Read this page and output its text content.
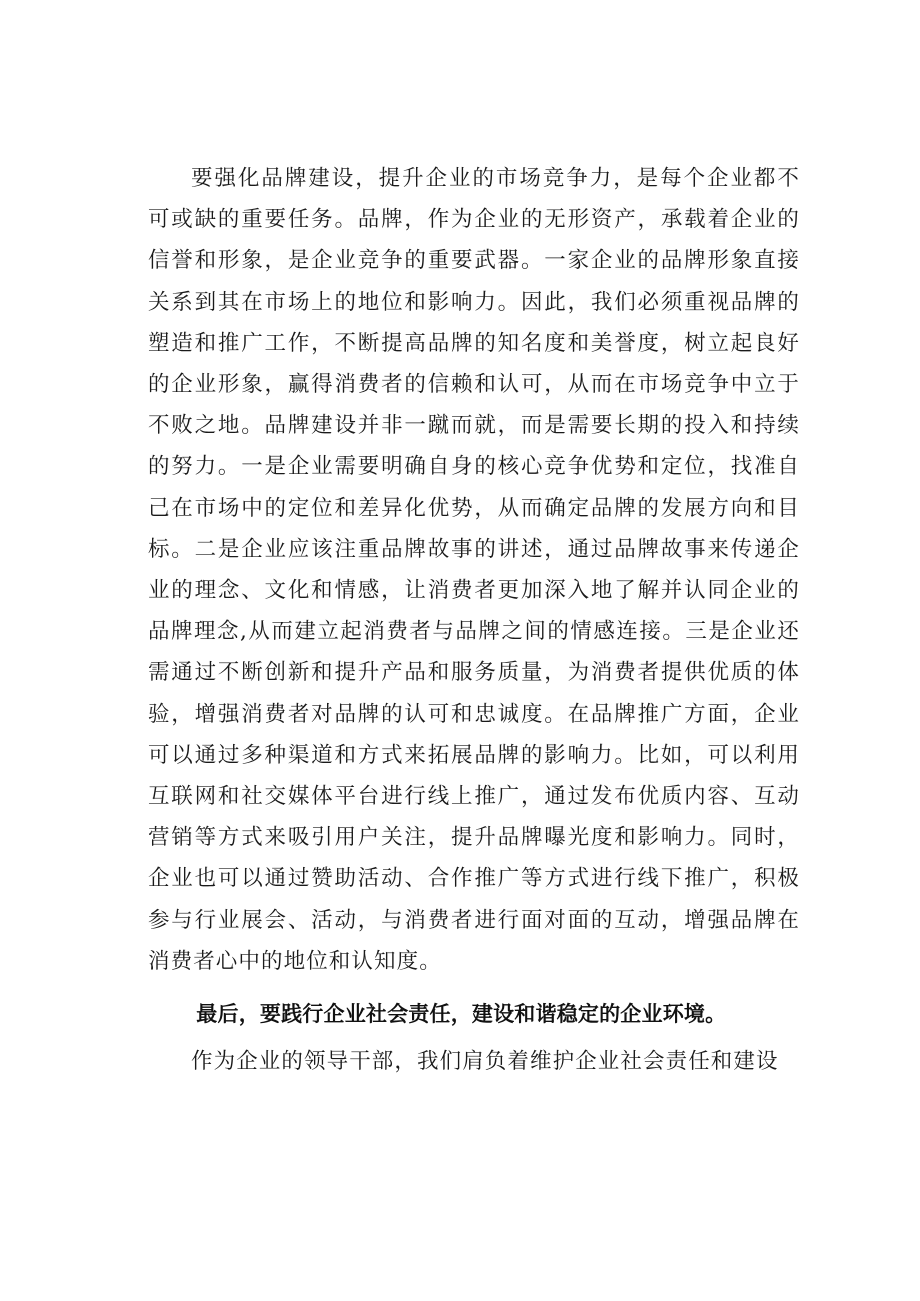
要强化品牌建设，提升企业的市场竞争力，是每个企业都不可或缺的重要任务。品牌，作为企业的无形资产，承载着企业的信誉和形象，是企业竞争的重要武器。一家企业的品牌形象直接关系到其在市场上的地位和影响力。因此，我们必须重视品牌的塑造和推广工作，不断提高品牌的知名度和美誉度，树立起良好的企业形象，赢得消费者的信赖和认可，从而在市场竞争中立于不败之地。品牌建设并非一蹴而就，而是需要长期的投入和持续的努力。一是企业需要明确自身的核心竞争优势和定位，找准自己在市场中的定位和差异化优势，从而确定品牌的发展方向和目标。二是企业应该注重品牌故事的讲述，通过品牌故事来传递企业的理念、文化和情感，让消费者更加深入地了解并认同企业的品牌理念,从而建立起消费者与品牌之间的情感连接。三是企业还需通过不断创新和提升产品和服务质量，为消费者提供优质的体验，增强消费者对品牌的认可和忠诚度。在品牌推广方面，企业可以通过多种渠道和方式来拓展品牌的影响力。比如，可以利用互联网和社交媒体平台进行线上推广，通过发布优质内容、互动营销等方式来吸引用户关注，提升品牌曝光度和影响力。同时，企业也可以通过赞助活动、合作推广等方式进行线下推广，积极参与行业展会、活动，与消费者进行面对面的互动，增强品牌在消费者心中的地位和认知度。

最后，要践行企业社会责任，建设和谐稳定的企业环境。

作为企业的领导干部，我们肩负着维护企业社会责任和建设
